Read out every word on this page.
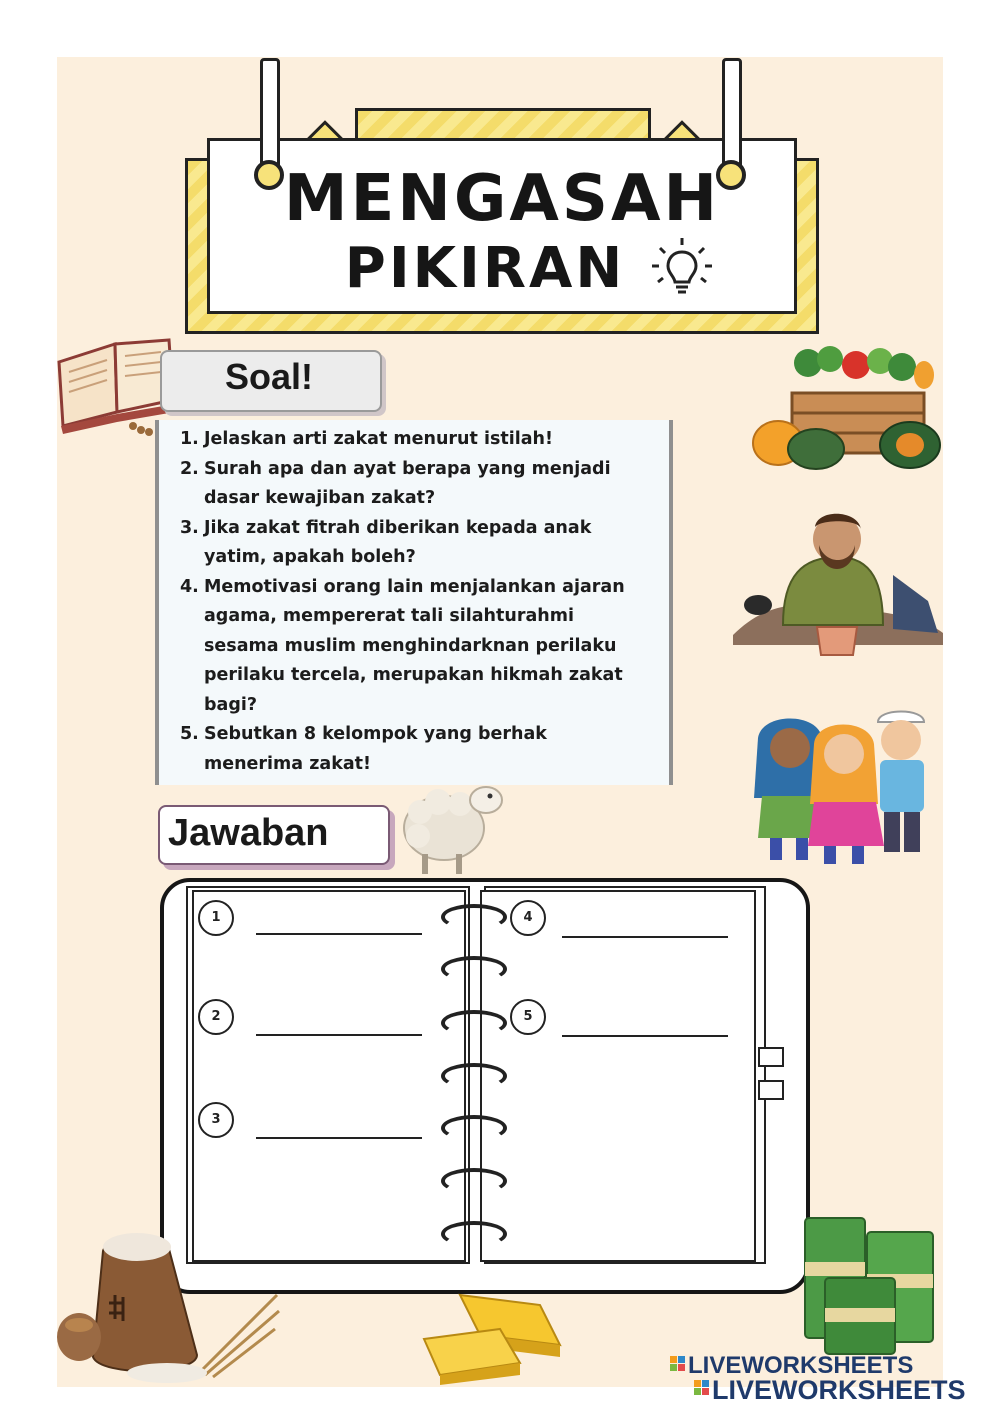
MENGASAH
PIKIRAN
Soal!
1. Jelaskan arti zakat menurut istilah!
2. Surah apa dan ayat berapa yang menjadi
dasar kewajiban zakat?
3. Jika zakat fitrah diberikan kepada anak
yatim, apakah boleh?
4. Memotivasi orang lain menjalankan ajaran
agama, mempererat tali silahturahmi
sesama muslim menghindarknan perilaku
perilaku tercela, merupakan hikmah zakat
bagi?
5. Sebutkan 8 kelompok yang berhak
menerima zakat!
Jawaban
1
2
3
4
5
LIVEWORKSHEETS
LIVEWORKSHEETS
